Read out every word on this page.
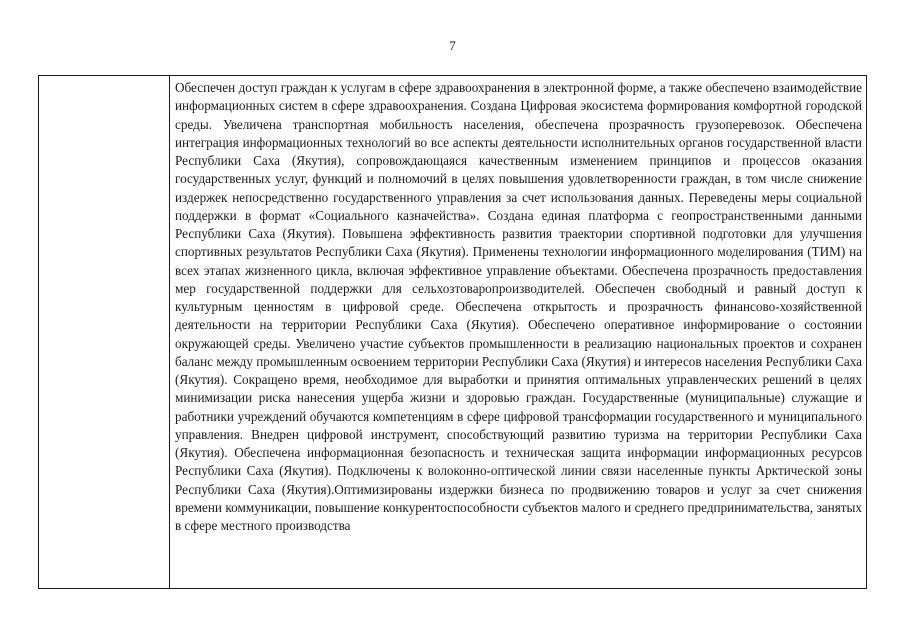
7

Обеспечен доступ граждан к услугам в сфере здравоохранения в электронной форме, а также обеспечено взаимодействие информационных систем в сфере здравоохранения. Создана Цифровая экосистема формирования комфортной городской среды. Увеличена транспортная мобильность населения, обеспечена прозрачность грузоперевозок. Обеспечена интеграция информационных технологий во все аспекты деятельности исполнительных органов государственной власти Республики Саха (Якутия), сопровождающаяся качественным изменением принципов и процессов оказания государственных услуг, функций и полномочий в целях повышения удовлетворенности граждан, в том числе снижение издержек непосредственно государственного управления за счет использования данных. Переведены меры социальной поддержки в формат «Социального казначейства». Создана единая платформа с геопространственными данными Республики Саха (Якутия). Повышена эффективность развития траектории спортивной подготовки для улучшения спортивных результатов Республики Саха (Якутия). Применены технологии информационного моделирования (ТИМ) на всех этапах жизненного цикла, включая эффективное управление объектами. Обеспечена прозрачность предоставления мер государственной поддержки для сельхозтоваропроизводителей. Обеспечен свободный и равный доступ к культурным ценностям в цифровой среде. Обеспечена открытость и прозрачность финансово-хозяйственной деятельности на территории Республики Саха (Якутия). Обеспечено оперативное информирование о состоянии окружающей среды. Увеличено участие субъектов промышленности в реализацию национальных проектов и сохранен баланс между промышленным освоением территории Республики Саха (Якутия) и интересов населения Республики Саха (Якутия). Сокращено время, необходимое для выработки и принятия оптимальных управленческих решений в целях минимизации риска нанесения ущерба жизни и здоровью граждан. Государственные (муниципальные) служащие и работники учреждений обучаются компетенциям в сфере цифровой трансформации государственного и муниципального управления. Внедрен цифровой инструмент, способствующий развитию туризма на территории Республики Саха (Якутия). Обеспечена информационная безопасность и техническая защита информации информационных ресурсов Республики Саха (Якутия). Подключены к волоконно-оптической линии связи населенные пункты Арктической зоны Республики Саха (Якутия).Оптимизированы издержки бизнеса по продвижению товаров и услуг за счет снижения времени коммуникации, повышение конкурентоспособности субъектов малого и среднего предпринимательства, занятых в сфере местного производства
